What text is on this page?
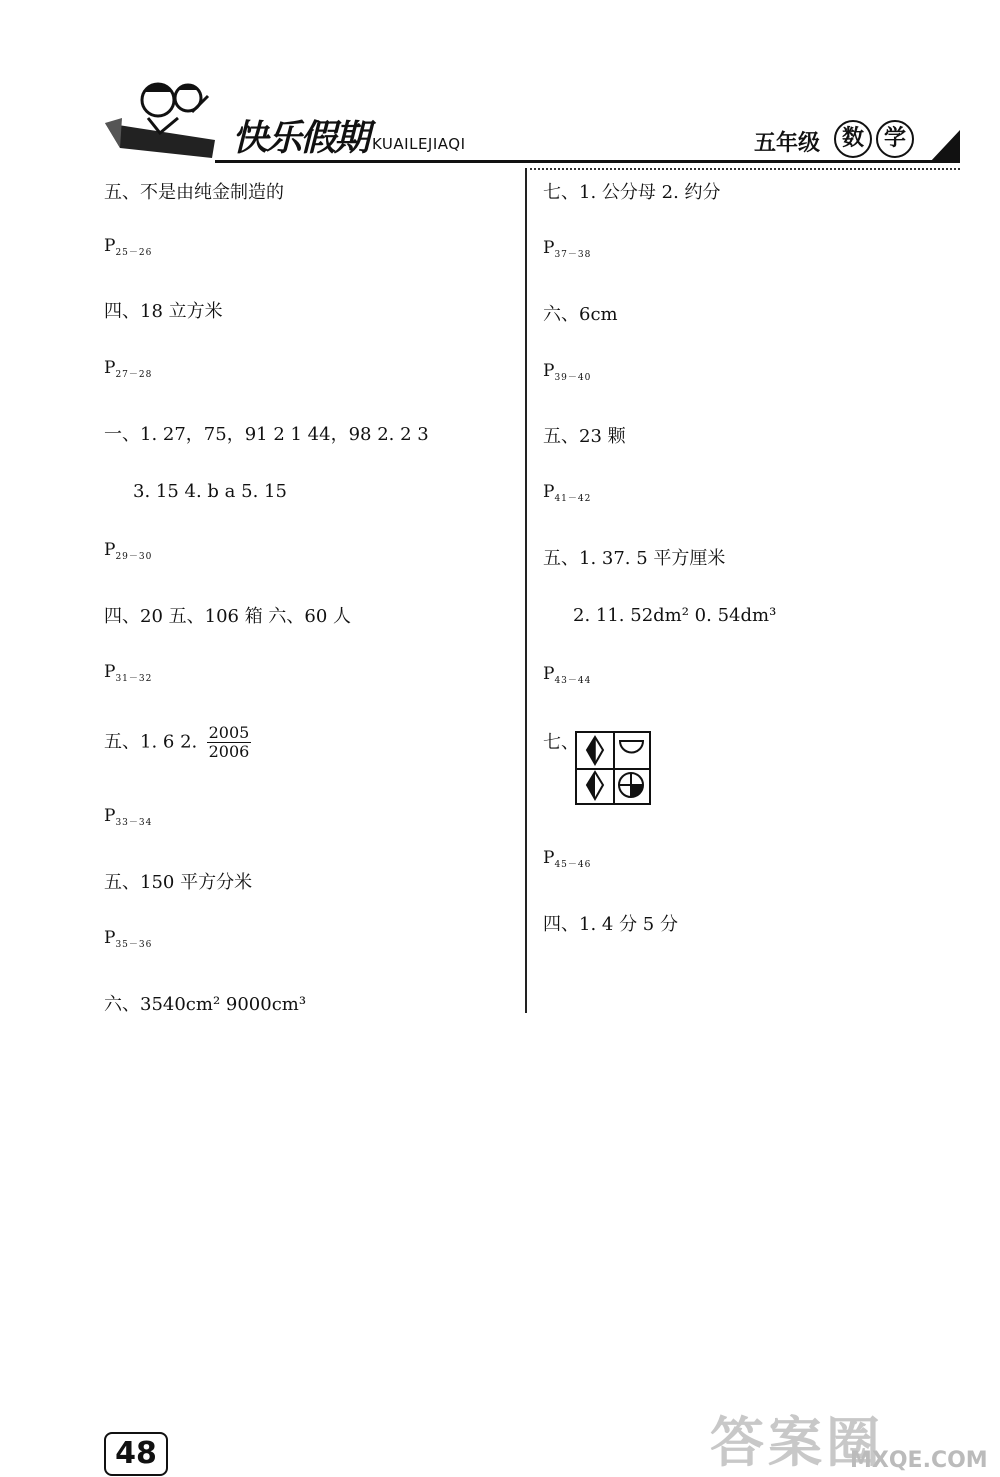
快乐假期 KUAILEJIAQI	五年级 数 学
五、不是由纯金制造的
$P_{25-26}$
四、18 立方米
$P_{27-28}$
一、1. 27，75，91 2 1 44，98 2. 2 3
3. 15 4. b a 5. 15
$P_{29-30}$
四、20 五、106 箱 六、60 人
$P_{31-32}$
五、1. 6 2. $\frac{2005}{2006}$
$P_{33-34}$
五、150 平方分米
$P_{35-36}$
六、3540cm² 9000cm³
七、1. 公分母 2. 约分
$P_{37-38}$
六、6cm
$P_{39-40}$
五、23 颗
$P_{41-42}$
五、1. 37. 5 平方厘米
2. 11. 52dm² 0. 54dm³
$P_{43-44}$
七、
$P_{45-46}$
四、1. 4 分 5 分
48	答案圈
MXQE.COM
